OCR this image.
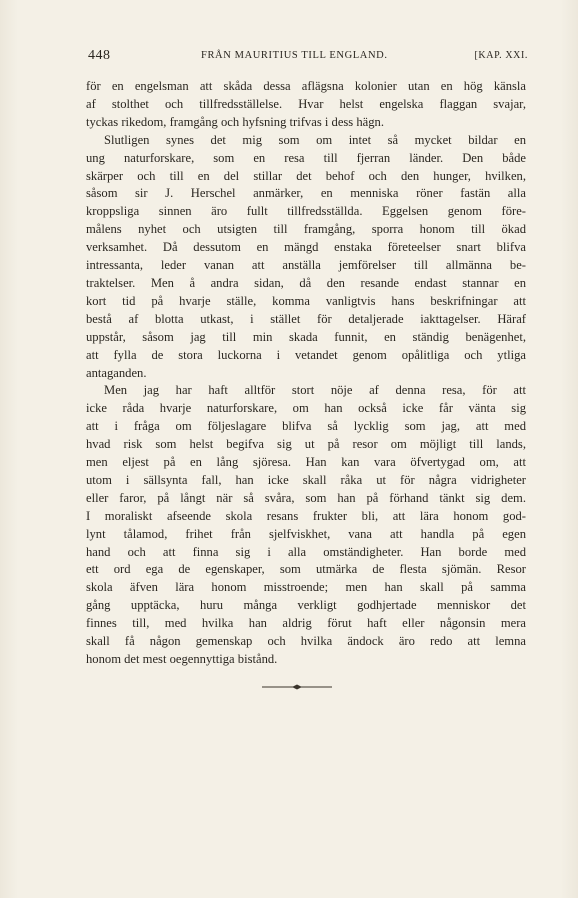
448	FRÅN MAURITIUS TILL ENGLAND.	[KAP. XXI.
för en engelsman att skåda dessa aflägsna kolonier utan en hög känsla
af stolthet och tillfredsställelse. Hvar helst engelska flaggan svajar,
tyckas rikedom, framgång och hyfsning trifvas i dess hägn.
Slutligen synes det mig som om intet så mycket bildar en
ung naturforskare, som en resa till fjerran länder. Den både
skärper och till en del stillar det behof och den hunger, hvilken,
såsom sir J. Herschel anmärker, en menniska röner fastän alla
kroppsliga sinnen äro fullt tillfredsställda. Eggelsen genom före-
målens nyhet och utsigten till framgång, sporra honom till ökad
verksamhet. Då dessutom en mängd enstaka företeelser snart blifva
intressanta, leder vanan att anställa jemförelser till allmänna be-
traktelser. Men å andra sidan, då den resande endast stannar en
kort tid på hvarje ställe, komma vanligtvis hans beskrifningar att
bestå af blotta utkast, i stället för detaljerade iakttagelser. Häraf
uppstår, såsom jag till min skada funnit, en ständig benägenhet,
att fylla de stora luckorna i vetandet genom opålitliga och ytliga
antaganden.
Men jag har haft alltför stort nöje af denna resa, för att
icke råda hvarje naturforskare, om han också icke får vänta sig
att i fråga om följeslagare blifva så lycklig som jag, att med
hvad risk som helst begifva sig ut på resor om möjligt till lands,
men eljest på en lång sjöresa. Han kan vara öfvertygad om, att
utom i sällsynta fall, han icke skall råka ut för några vidrigheter
eller faror, på långt när så svåra, som han på förhand tänkt sig dem.
I moraliskt afseende skola resans frukter bli, att lära honom god-
lynt tålamod, frihet från sjelfviskhet, vana att handla på egen
hand och att finna sig i alla omständigheter. Han borde med
ett ord ega de egenskaper, som utmärka de flesta sjömän. Resor
skola äfven lära honom misstroende; men han skall på samma
gång upptäcka, huru många verkligt godhjertade menniskor det
finnes till, med hvilka han aldrig förut haft eller någonsin mera
skall få någon gemenskap och hvilka ändock äro redo att lemna
honom det mest oegennyttiga bistånd.
